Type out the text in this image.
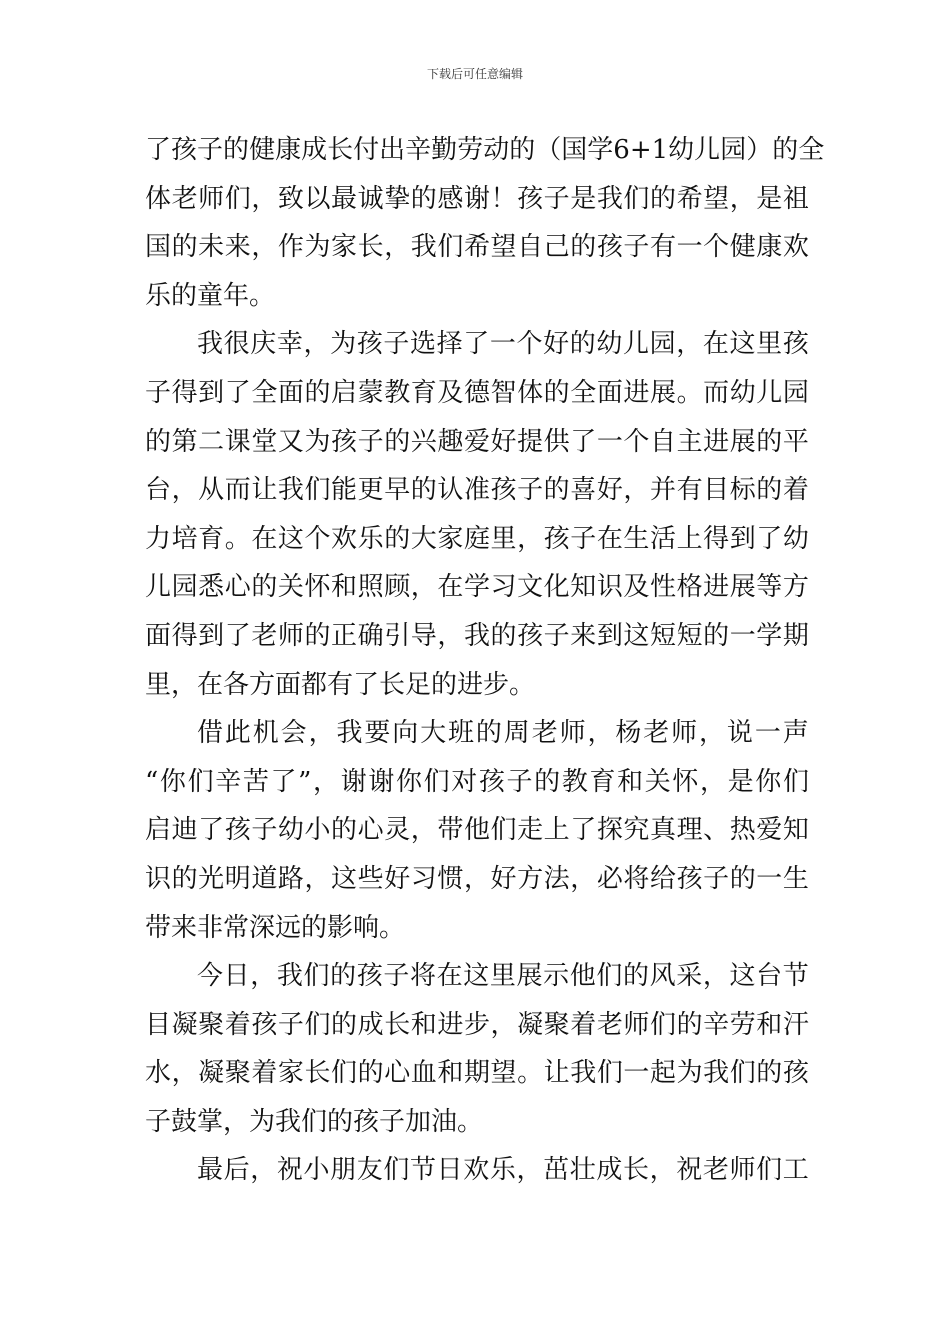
下载后可任意编辑
了 孩 子 的 健 康 成 长 付 出 辛 勤 劳 动 的 （ 国 学 6+1 幼 儿 园 ） 的 全
体 老 师 们 ， 致 以 最 诚 挚 的 感 谢 ！ 孩 子 是 我 们 的 希 望 ， 是 祖
国 的 未 来 ， 作 为 家 长 ， 我 们 希 望 自 己 的 孩 子 有 一 个 健 康 欢
乐的童年。
我 很 庆 幸 ， 为 孩 子 选 择 了 一 个 好 的 幼 儿 园 ， 在 这 里 孩
子 得 到 了 全 面 的 启 蒙 教 育 及 德 智 体 的 全 面 进 展 。 而 幼 儿 园
的 第 二 课 堂 又 为 孩 子 的 兴 趣 爱 好 提 供 了 一 个 自 主 进 展 的 平
台 ， 从 而 让 我 们 能 更 早 的 认 准 孩 子 的 喜 好 ， 并 有 目 标 的 着
力 培 育 。 在 这 个 欢 乐 的 大 家 庭 里 ， 孩 子 在 生 活 上 得 到 了 幼
儿 园 悉 心 的 关 怀 和 照 顾 ， 在 学 习 文 化 知 识 及 性 格 进 展 等 方
面 得 到 了 老 师 的 正 确 引 导 ， 我 的 孩 子 来 到 这 短 短 的 一 学 期
里，在各方面都有了长足的进步。
借 此 机 会 ， 我 要 向 大 班 的 周 老 师 ， 杨 老 师 ， 说 一 声
“ 你 们 辛 苦 了 ” ， 谢 谢 你 们 对 孩 子 的 教 育 和 关 怀 ， 是 你 们
启 迪 了 孩 子 幼 小 的 心 灵 ， 带 他 们 走 上 了 探 究 真 理 、 热 爱 知
识 的 光 明 道 路 ， 这 些 好 习 惯 ， 好 方 法 ， 必 将 给 孩 子 的 一 生
带来非常深远的影响。
今 日 ， 我 们 的 孩 子 将 在 这 里 展 示 他 们 的 风 采 ， 这 台 节
目 凝 聚 着 孩 子 们 的 成 长 和 进 步 ， 凝 聚 着 老 师 们 的 辛 劳 和 汗
水 ， 凝 聚 着 家 长 们 的 心 血 和 期 望 。 让 我 们 一 起 为 我 们 的 孩
子鼓掌，为我们的孩子加油。
最 后 ， 祝 小 朋 友 们 节 日 欢 乐 ， 茁 壮 成 长 ， 祝 老 师 们 工
